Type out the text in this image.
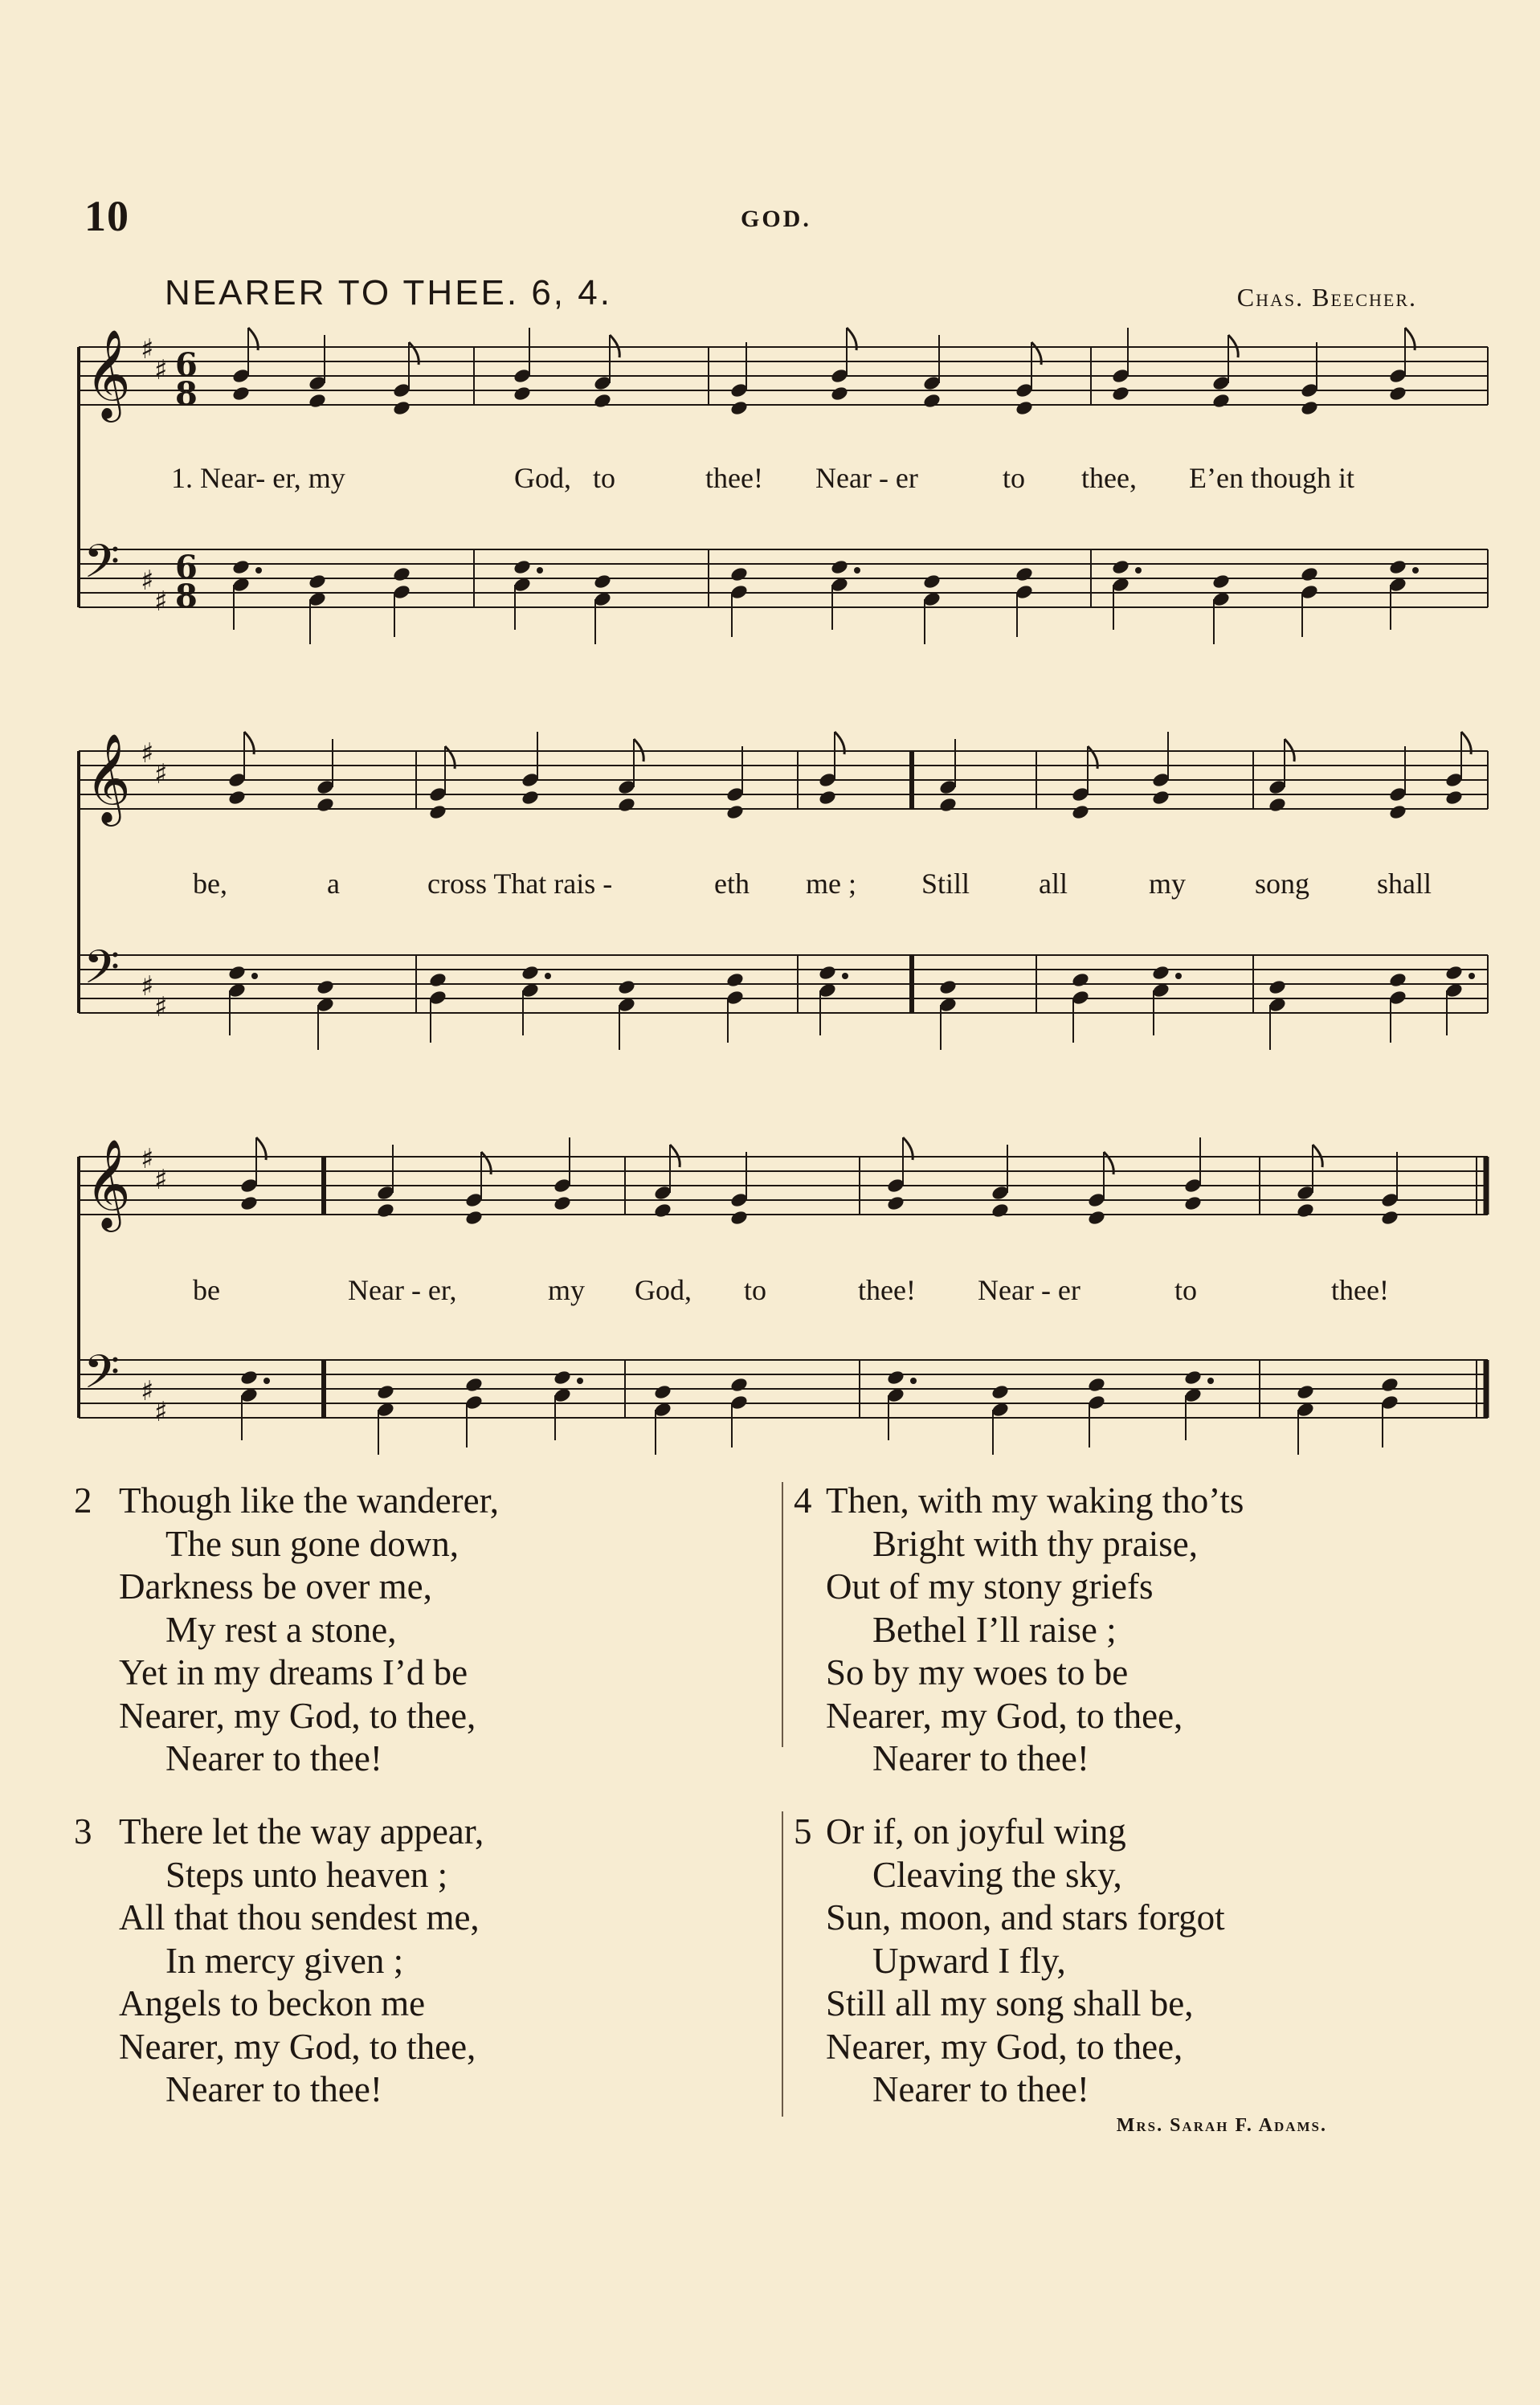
10	GOD.
NEARER TO THEE. 6, 4.	Chas. Beecher.
𝄞 ♯
♯ 6
8
𝄢 ♯
♯
6
8
𝄞 ♯
♯
𝄢 ♯
♯
𝄞 ♯
♯
𝄢 ♯
♯
1. Near- er, my	God, to	thee! Near - er	to thee, E’en though it
be,	a	cross That rais -	eth me ; Still all	my song shall
be	Near - er,	my God, to	thee! Near - er	to	thee!
2 Though like the wanderer,
The sun gone down,
Darkness be over me,
My rest a stone,
Yet in my dreams I’d be
Nearer, my God, to thee,
Nearer to thee!
3 There let the way appear,
Steps unto heaven ;
All that thou sendest me,
In mercy given ;
Angels to beckon me
Nearer, my God, to thee,
Nearer to thee!
4 Then, with my waking tho’ts
Bright with thy praise,
Out of my stony griefs
Bethel I’ll raise ;
So by my woes to be
Nearer, my God, to thee,
Nearer to thee!
5 Or if, on joyful wing
Cleaving the sky,
Sun, moon, and stars forgot
Upward I fly,
Still all my song shall be,
Nearer, my God, to thee,
Nearer to thee!
Mrs. Sarah F. Adams.
